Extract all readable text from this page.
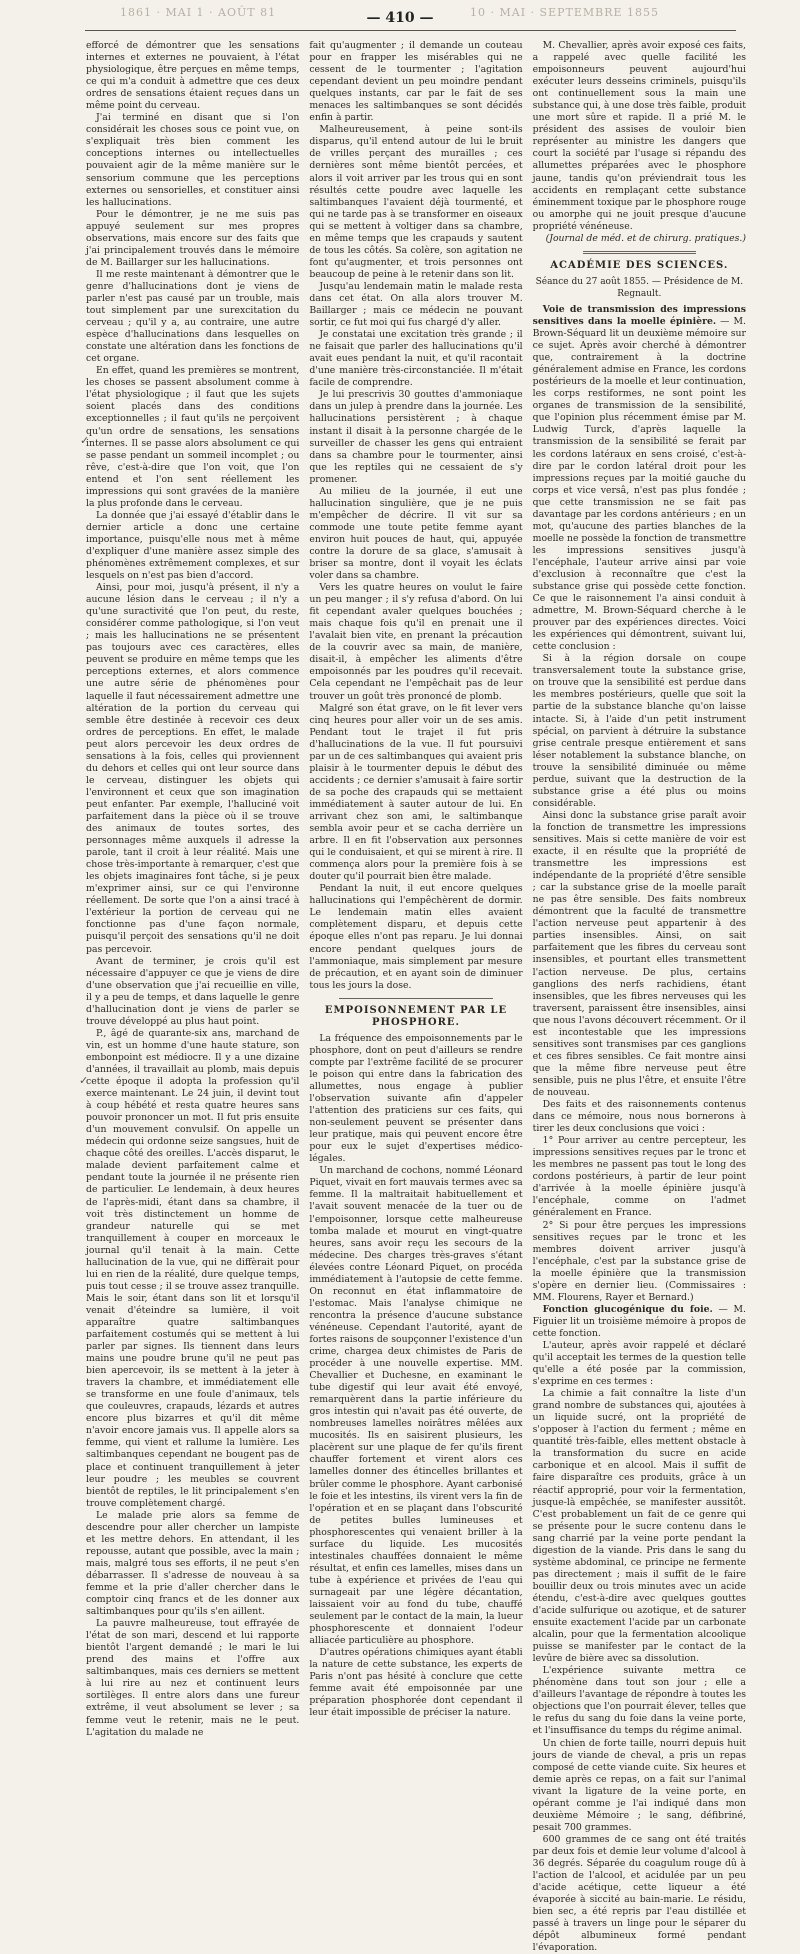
1861 · MAI 1 · AOÛT 81	10 · MAI · SEPTEMBRE 1855
— 410 —
✓
✓

efforcé de démontrer que les sensations internes et externes ne pouvaient, à l'état physiologique, être perçues en même temps, ce qui m'a conduit à admettre que ces deux ordres de sensations étaient reçues dans un même point du cerveau.

J'ai terminé en disant que si l'on considérait les choses sous ce point vue, on s'expliquait très bien comment les conceptions internes ou intellectuelles pouvaient agir de la même manière sur le sensorium commune que les perceptions externes ou sensorielles, et constituer ainsi les hallucinations.

Pour le démontrer, je ne me suis pas appuyé seulement sur mes propres observations, mais encore sur des faits que j'ai principalement trouvés dans le mémoire de M. Baillarger sur les hallucinations.

Il me reste maintenant à démontrer que le genre d'hallucinations dont je viens de parler n'est pas causé par un trouble, mais tout simplement par une surexcitation du cerveau ; qu'il y a, au contraire, une autre espèce d'hallucinations dans lesquelles on constate une altération dans les fonctions de cet organe.

En effet, quand les premières se montrent, les choses se passent absolument comme à l'état physiologique ; il faut que les sujets soient placés dans des conditions exceptionnelles ; il faut qu'ils ne perçoivent qu'un ordre de sensations, les sensations internes. Il se passe alors absolument ce qui se passe pendant un sommeil incomplet ; ou rêve, c'est-à-dire que l'on voit, que l'on entend et l'on sent réellement les impressions qui sont gravées de la manière la plus profonde dans le cerveau.

La donnée que j'ai essayé d'établir dans le dernier article a donc une certaine importance, puisqu'elle nous met à même d'expliquer d'une manière assez simple des phénomènes extrêmement complexes, et sur lesquels on n'est pas bien d'accord.

Ainsi, pour moi, jusqu'à présent, il n'y a aucune lésion dans le cerveau ; il n'y a qu'une suractivité que l'on peut, du reste, considérer comme pathologique, si l'on veut ; mais les hallucinations ne se présentent pas toujours avec ces caractères, elles peuvent se produire en même temps que les perceptions externes, et alors commence une autre série de phénomènes pour laquelle il faut nécessairement admettre une altération de la portion du cerveau qui semble être destinée à recevoir ces deux ordres de perceptions. En effet, le malade peut alors percevoir les deux ordres de sensations à la fois, celles qui proviennent du dehors et celles qui ont leur source dans le cerveau, distinguer les objets qui l'environnent et ceux que son imagination peut enfanter. Par exemple, l'halluciné voit parfaitement dans la pièce où il se trouve des animaux de toutes sortes, des personnages même auxquels il adresse la parole, tant il croit à leur réalité. Mais une chose très-importante à remarquer, c'est que les objets imaginaires font tâche, si je peux m'exprimer ainsi, sur ce qui l'environne réellement. De sorte que l'on a ainsi tracé à l'extérieur la portion de cerveau qui ne fonctionne pas d'une façon normale, puisqu'il perçoit des sensations qu'il ne doit pas percevoir.

Avant de terminer, je crois qu'il est nécessaire d'appuyer ce que je viens de dire d'une observation que j'ai recueillie en ville, il y a peu de temps, et dans laquelle le genre d'hallucination dont je viens de parler se trouve développé au plus haut point.

P., âgé de quarante-six ans, marchand de vin, est un homme d'une haute stature, son embonpoint est médiocre. Il y a une dizaine d'années, il travaillait au plomb, mais depuis cette époque il adopta la profession qu'il exerce maintenant. Le 24 juin, il devint tout à coup hébété et resta quatre heures sans pouvoir prononcer un mot. Il fut pris ensuite d'un mouvement convulsif. On appelle un médecin qui ordonne seize sangsues, huit de chaque côté des oreilles. L'accès disparut, le malade devient parfaitement calme et pendant toute la journée il ne présente rien de particulier. Le lendemain, à deux heures de l'après-midi, étant dans sa chambre, il voit très distinctement un homme de grandeur naturelle qui se met tranquillement à couper en morceaux le journal qu'il tenait à la main. Cette hallucination de la vue, qui ne diffèrait pour lui en rien de la réalité, dure quelque temps, puis tout cesse ; il se trouve assez tranquille. Mais le soir, étant dans son lit et lorsqu'il venait d'éteindre sa lumière, il voit apparaître quatre saltimbanques parfaitement costumés qui se mettent à lui parler par signes. Ils tiennent dans leurs mains une poudre brune qu'il ne peut pas bien apercevoir, ils se mettent à la jeter à travers la chambre, et immédiatement elle se transforme en une foule d'animaux, tels que couleuvres, crapauds, lézards et autres encore plus bizarres et qu'il dit même n'avoir encore jamais vus. Il appelle alors sa femme, qui vient et rallume la lumière. Les saltimbanques cependant ne bougent pas de place et continuent tranquillement à jeter leur poudre ; les meubles se couvrent bientôt de reptiles, le lit principalement s'en trouve complètement chargé.

Le malade prie alors sa femme de descendre pour aller chercher un lampiste et les mettre dehors. En attendant, il les repousse, autant que possible, avec la main ; mais, malgré tous ses efforts, il ne peut s'en débarrasser. Il s'adresse de nouveau à sa femme et la prie d'aller chercher dans le comptoir cinq francs et de les donner aux saltimbanques pour qu'ils s'en aillent.

La pauvre malheureuse, tout effrayée de l'état de son mari, descend et lui rapporte bientôt l'argent demandé ; le mari le lui prend des mains et l'offre aux saltimbanques, mais ces derniers se mettent à lui rire au nez et continuent leurs sortilèges. Il entre alors dans une fureur extrême, il veut absolument se lever ; sa femme veut le retenir, mais ne le peut. L'agitation du malade ne

fait qu'augmenter ; il demande un couteau pour en frapper les misérables qui ne cessent de le tourmenter ; l'agitation cependant devient un peu moindre pendant quelques instants, car par le fait de ses menaces les saltimbanques se sont décidés enfin à partir.

Malheureusement, à peine sont-ils disparus, qu'il entend autour de lui le bruit de vrilles perçant des murailles ; ces dernières sont même bientôt percées, et alors il voit arriver par les trous qui en sont résultés cette poudre avec laquelle les saltimbanques l'avaient déjà tourmenté, et qui ne tarde pas à se transformer en oiseaux qui se mettent à voltiger dans sa chambre, en même temps que les crapauds y sautent de tous les côtés. Sa colère, son agitation ne font qu'augmenter, et trois personnes ont beaucoup de peine à le retenir dans son lit.

Jusqu'au lendemain matin le malade resta dans cet état. On alla alors trouver M. Baillarger ; mais ce médecin ne pouvant sortir, ce fut moi qui fus chargé d'y aller.

Je constatai une excitation très grande ; il ne faisait que parler des hallucinations qu'il avait eues pendant la nuit, et qu'il racontait d'une manière très-circonstanciée. Il m'était facile de comprendre.

Je lui prescrivis 30 gouttes d'ammoniaque dans un julep à prendre dans la journée. Les hallucinations persistèrent ; à chaque instant il disait à la personne chargée de le surveiller de chasser les gens qui entraient dans sa chambre pour le tourmenter, ainsi que les reptiles qui ne cessaient de s'y promener.

Au milieu de la journée, il eut une hallucination singulière, que je ne puis m'empêcher de décrire. Il vit sur sa commode une toute petite femme ayant environ huit pouces de haut, qui, appuyée contre la dorure de sa glace, s'amusait à briser sa montre, dont il voyait les éclats voler dans sa chambre.

Vers les quatre heures on voulut le faire un peu manger ; il s'y refusa d'abord. On lui fit cependant avaler quelques bouchées ; mais chaque fois qu'il en prenait une il l'avalait bien vite, en prenant la précaution de la couvrir avec sa main, de manière, disait-il, à empêcher les aliments d'être empoisonnés par les poudres qu'il recevait. Cela cependant ne l'empêchait pas de leur trouver un goût très prononcé de plomb.

Malgré son état grave, on le fit lever vers cinq heures pour aller voir un de ses amis. Pendant tout le trajet il fut pris d'hallucinations de la vue. Il fut poursuivi par un de ces saltimbanques qui avaient pris plaisir à le tourmenter depuis le début des accidents ; ce dernier s'amusait à faire sortir de sa poche des crapauds qui se mettaient immédiatement à sauter autour de lui. En arrivant chez son ami, le saltimbanque sembla avoir peur et se cacha derrière un arbre. Il en fit l'observation aux personnes qui le conduisaient, et qui se mirent à rire. Il commença alors pour la première fois à se douter qu'il pourrait bien être malade.

Pendant la nuit, il eut encore quelques hallucinations qui l'empêchèrent de dormir. Le lendemain matin elles avaient complètement disparu, et depuis cette époque elles n'ont pas reparu. Je lui donnai encore pendant quelques jours de l'ammoniaque, mais simplement par mesure de précaution, et en ayant soin de diminuer tous les jours la dose.

EMPOISONNEMENT PAR LE PHOSPHORE.

La fréquence des empoisonnements par le phosphore, dont on peut d'ailleurs se rendre compte par l'extrême facilité de se procurer le poison qui entre dans la fabrication des allumettes, nous engage à publier l'observation suivante afin d'appeler l'attention des praticiens sur ces faits, qui non-seulement peuvent se présenter dans leur pratique, mais qui peuvent encore être pour eux le sujet d'expertises médico-légales.

Un marchand de cochons, nommé Léonard Piquet, vivait en fort mauvais termes avec sa femme. Il la maltraitait habituellement et l'avait souvent menacée de la tuer ou de l'empoisonner, lorsque cette malheureuse tomba malade et mourut en vingt-quatre heures, sans avoir reçu les secours de la médecine. Des charges très-graves s'étant élevées contre Léonard Piquet, on procéda immédiatement à l'autopsie de cette femme. On reconnut en état inflammatoire de l'estomac. Mais l'analyse chimique ne rencontra la présence d'aucune substance vénéneuse. Cependant l'autorité, ayant de fortes raisons de soupçonner l'existence d'un crime, chargea deux chimistes de Paris de procéder à une nouvelle expertise. MM. Chevallier et Duchesne, en examinant le tube digestif qui leur avait été envoyé, remarquèrent dans la partie inférieure du gros intestin qui n'avait pas été ouverte, de nombreuses lamelles noirâtres mêlées aux mucosités. Ils en saisirent plusieurs, les placèrent sur une plaque de fer qu'ils firent chauffer fortement et virent alors ces lamelles donner des étincelles brillantes et brûler comme le phosphore. Ayant carbonisé le foie et les intestins, ils virent vers la fin de l'opération et en se plaçant dans l'obscurité de petites bulles lumineuses et phosphorescentes qui venaient briller à la surface du liquide. Les mucosités intestinales chauffées donnaient le même résultat, et enfin ces lamelles, mises dans un tube à expérience et privées de l'eau qui surnageait par une légère décantation, laissaient voir au fond du tube, chauffé seulement par le contact de la main, la lueur phosphorescente et donnaient l'odeur alliacée particulière au phosphore.

D'autres opérations chimiques ayant établi la nature de cette substance, les experts de Paris n'ont pas hésité à conclure que cette femme avait été empoisonnée par une préparation phosphorée dont cependant il leur était impossible de préciser la nature.

M. Chevallier, après avoir exposé ces faits, a rappelé avec quelle facilité les empoisonneurs peuvent aujourd'hui exécuter leurs desseins criminels, puisqu'ils ont continuellement sous la main une substance qui, à une dose très faible, produit une mort sûre et rapide. Il a prié M. le président des assises de vouloir bien représenter au ministre les dangers que court la société par l'usage si répandu des allumettes préparées avec le phosphore jaune, tandis qu'on préviendrait tous les accidents en remplaçant cette substance éminemment toxique par le phosphore rouge ou amorphe qui ne jouit presque d'aucune propriété vénéneuse.

(Journal de méd. et de chirurg. pratiques.)

ACADÉMIE DES SCIENCES.

Séance du 27 août 1855. — Présidence de M. Regnault.

Voie de transmission des impressions sensitives dans la moelle épinière. — M. Brown-Séquard lit un deuxième mémoire sur ce sujet. Après avoir cherché à démontrer que, contrairement à la doctrine généralement admise en France, les cordons postérieurs de la moelle et leur continuation, les corps restiformes, ne sont point les organes de transmission de la sensibilité, que l'opinion plus récemment émise par M. Ludwig Turck, d'après laquelle la transmission de la sensibilité se ferait par les cordons latéraux en sens croisé, c'est-à-dire par le cordon latéral droit pour les impressions reçues par la moitié gauche du corps et vice versâ, n'est pas plus fondée ; que cette transmission ne se fait pas davantage par les cordons antérieurs ; en un mot, qu'aucune des parties blanches de la moelle ne possède la fonction de transmettre les impressions sensitives jusqu'à l'encéphale, l'auteur arrive ainsi par voie d'exclusion à reconnaître que c'est la substance grise qui possède cette fonction. Ce que le raisonnement l'a ainsi conduit à admettre, M. Brown-Séquard cherche à le prouver par des expériences directes. Voici les expériences qui démontrent, suivant lui, cette conclusion :

Si à la région dorsale on coupe transversalement toute la substance grise, on trouve que la sensibilité est perdue dans les membres postérieurs, quelle que soit la partie de la substance blanche qu'on laisse intacte. Si, à l'aide d'un petit instrument spécial, on parvient à détruire la substance grise centrale presque entièrement et sans léser notablement la substance blanche, on trouve la sensibilité diminuée ou même perdue, suivant que la destruction de la substance grise a été plus ou moins considérable.

Ainsi donc la substance grise paraît avoir la fonction de transmettre les impressions sensitives. Mais si cette manière de voir est exacte, il en résulte que la propriété de transmettre les impressions est indépendante de la propriété d'être sensible ; car la substance grise de la moelle paraît ne pas être sensible. Des faits nombreux démontrent que la faculté de transmettre l'action nerveuse peut appartenir à des parties insensibles. Ainsi, on sait parfaitement que les fibres du cerveau sont insensibles, et pourtant elles transmettent l'action nerveuse. De plus, certains ganglions des nerfs rachidiens, étant insensibles, que les fibres nerveuses qui les traversent, paraissent être insensibles, ainsi que nous l'avons découvert récemment. Or il est incontestable que les impressions sensitives sont transmises par ces ganglions et ces fibres sensibles. Ce fait montre ainsi que la même fibre nerveuse peut être sensible, puis ne plus l'être, et ensuite l'être de nouveau.

Des faits et des raisonnements contenus dans ce mémoire, nous nous bornerons à tirer les deux conclusions que voici :

1° Pour arriver au centre percepteur, les impressions sensitives reçues par le tronc et les membres ne passent pas tout le long des cordons postérieurs, à partir de leur point d'arrivée à la moelle épinière jusqu'à l'encéphale, comme on l'admet généralement en France.

2° Si pour être perçues les impressions sensitives reçues par le tronc et les membres doivent arriver jusqu'à l'encéphale, c'est par la substance grise de la moelle épinière que la transmission s'opère en dernier lieu. (Commissaires : MM. Flourens, Rayer et Bernard.)

Fonction glucogénique du foie. — M. Figuier lit un troisième mémoire à propos de cette fonction.

L'auteur, après avoir rappelé et déclaré qu'il acceptait les termes de la question telle qu'elle a été posée par la commission, s'exprime en ces termes :

La chimie a fait connaître la liste d'un grand nombre de substances qui, ajoutées à un liquide sucré, ont la propriété de s'opposer à l'action du ferment ; même en quantité très-faible, elles mettent obstacle à la transformation du sucre en acide carbonique et en alcool. Mais il suffit de faire disparaître ces produits, grâce à un réactif approprié, pour voir la fermentation, jusque-là empêchée, se manifester aussitôt. C'est probablement un fait de ce genre qui se présente pour le sucre contenu dans le sang charrié par la veine porte pendant la digestion de la viande. Pris dans le sang du système abdominal, ce principe ne fermente pas directement ; mais il suffit de le faire bouillir deux ou trois minutes avec un acide étendu, c'est-à-dire avec quelques gouttes d'acide sulfurique ou azotique, et de saturer ensuite exactement l'acide par un carbonate alcalin, pour que la fermentation alcoolique puisse se manifester par le contact de la levûre de bière avec sa dissolution.

L'expérience suivante mettra ce phénomène dans tout son jour ; elle a d'ailleurs l'avantage de répondre à toutes les objections que l'on pourrait élever, telles que le refus du sang du foie dans la veine porte, et l'insuffisance du temps du régime animal.

Un chien de forte taille, nourri depuis huit jours de viande de cheval, a pris un repas composé de cette viande cuite. Six heures et demie après ce repas, on a fait sur l'animal vivant la ligature de la veine porte, en opérant comme je l'ai indiqué dans mon deuxième Mémoire ; le sang, défibriné, pesait 700 grammes.

600 grammes de ce sang ont été traités par deux fois et demie leur volume d'alcool à 36 degrés. Séparée du coagulum rouge dû à l'action de l'alcool, et acidulée par un peu d'acide acétique, cette liqueur a été évaporée à siccité au bain-marie. Le résidu, bien sec, a été repris par l'eau distillée et passé à travers un linge pour le séparer du dépôt albumineux formé pendant l'évaporation.
